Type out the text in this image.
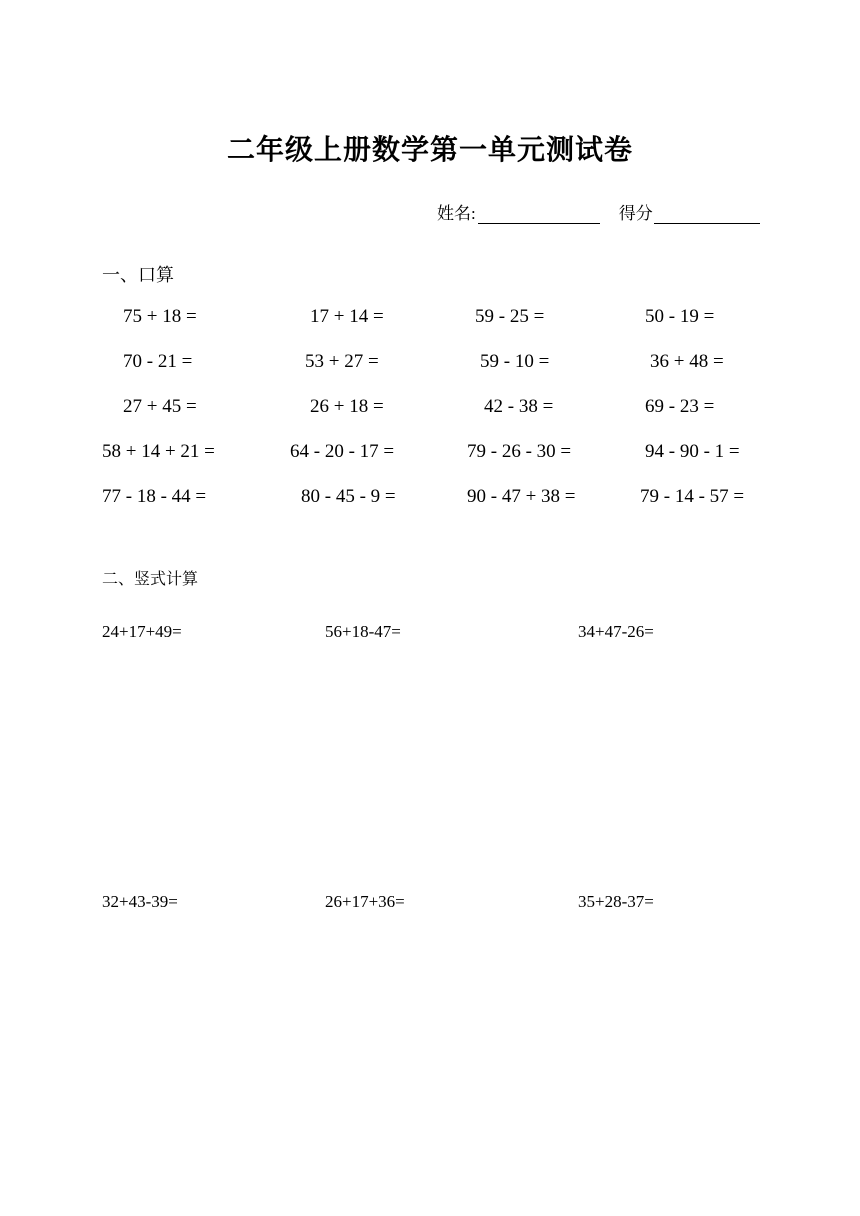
二年级上册数学第一单元测试卷
姓名:	得分
一、口算
75 + 18 =	17 + 14 =	59 - 25 =	50 - 19 =
70 - 21 =	53 + 27 =	59 - 10 =	36 + 48 =
27 + 45 =	26 + 18 =	42 - 38 =	69 - 23 =
58 + 14 + 21 =	64 - 20 - 17 =	79 - 26 - 30 =	94 - 90 - 1 =
77 - 18 - 44 =	80 - 45 - 9 =	90 - 47 + 38 =	79 - 14 - 57 =
二、竖式计算
24+17+49=	56+18-47=	34+47-26=
32+43-39=	26+17+36=	35+28-37=
